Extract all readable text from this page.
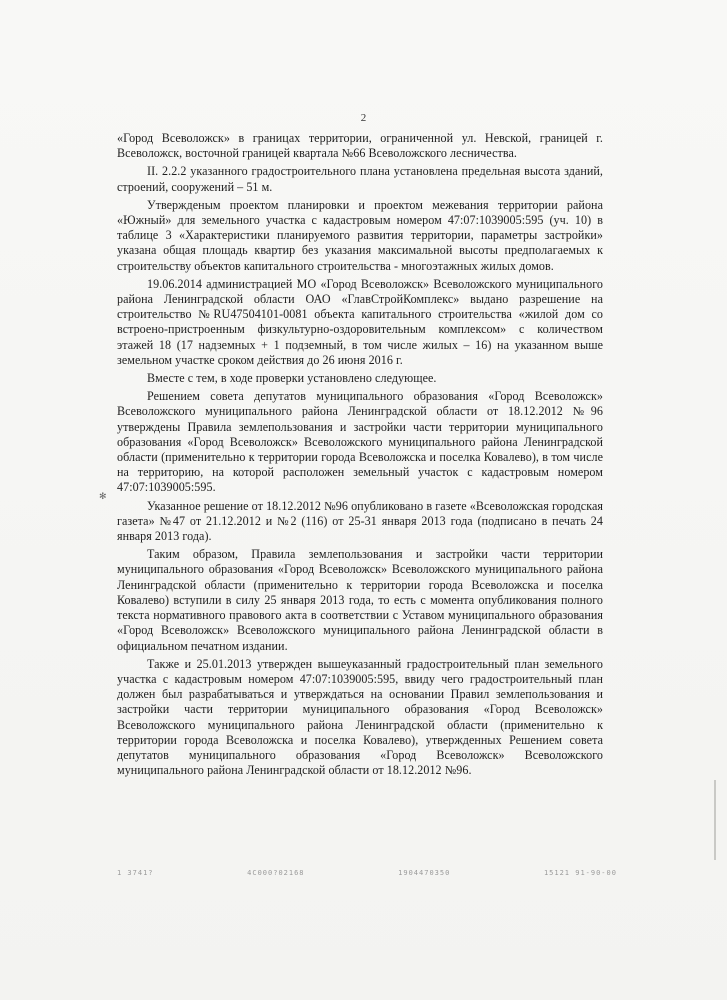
2

«Город Всеволожск» в границах территории, ограниченной ул. Невской, границей г. Всеволожск, восточной границей квартала №66 Всеволожского лесничества.

II. 2.2.2 указанного градостроительного плана установлена предельная высота зданий, строений, сооружений – 51 м.

Утвержденым проектом планировки и проектом межевания территории района «Южный» для земельного участка с кадастровым номером 47:07:1039005:595 (уч. 10) в таблице 3 «Характеристики планируемого развития территории, параметры застройки» указана общая площадь квартир без указания максимальной высоты предполагаемых к строительству объектов капитального строительства - многоэтажных жилых домов.

19.06.2014 администрацией МО «Город Всеволожск» Всеволожского муниципального района Ленинградской области ОАО «ГлавСтройКомплекс» выдано разрешение на строительство №RU47504101-0081 объекта капитального строительства «жилой дом со встроено-пристроенным физкультурно-оздоровительным комплексом» с количеством этажей 18 (17 надземных + 1 подземный, в том числе жилых – 16) на указанном выше земельном участке сроком действия до 26 июня 2016 г.

Вместе с тем, в ходе проверки установлено следующее.

Решением совета депутатов муниципального образования «Город Всеволожск» Всеволожского муниципального района Ленинградской области от 18.12.2012 №96 утверждены Правила землепользования и застройки части территории муниципального образования «Город Всеволожск» Всеволожского муниципального района Ленинградской области (применительно к территории города Всеволожска и поселка Ковалево), в том числе на территорию, на которой расположен земельный участок с кадастровым номером 47:07:1039005:595.

Указанное решение от 18.12.2012 №96 опубликовано в газете «Всеволожская городская газета» №47 от 21.12.2012 и №2 (116) от 25-31 января 2013 года (подписано в печать 24 января 2013 года).

Таким образом, Правила землепользования и застройки части территории муниципального образования «Город Всеволожск» Всеволожского муниципального района Ленинградской области (применительно к территории города Всеволожска и поселка Ковалево) вступили в силу 25 января 2013 года, то есть с момента опубликования полного текста нормативного правового акта в соответствии с Уставом муниципального образования «Город Всеволожск» Всеволожского муниципального района Ленинградской области в официальном печатном издании.

Также и 25.01.2013 утвержден вышеуказанный градостроительный план земельного участка с кадастровым номером 47:07:1039005:595, ввиду чего градостроительный план должен был разрабатываться и утверждаться на основании Правил землепользования и застройки части территории муниципального образования «Город Всеволожск» Всеволожского муниципального района Ленинградской области (применительно к территории города Всеволожска и поселка Ковалево), утвержденных Решением совета депутатов муниципального образования «Город Всеволожск» Всеволожского муниципального района Ленинградской области от 18.12.2012 №96.

✻
1 3741?	4С000?02168	1904470350	15121 91-90-00
